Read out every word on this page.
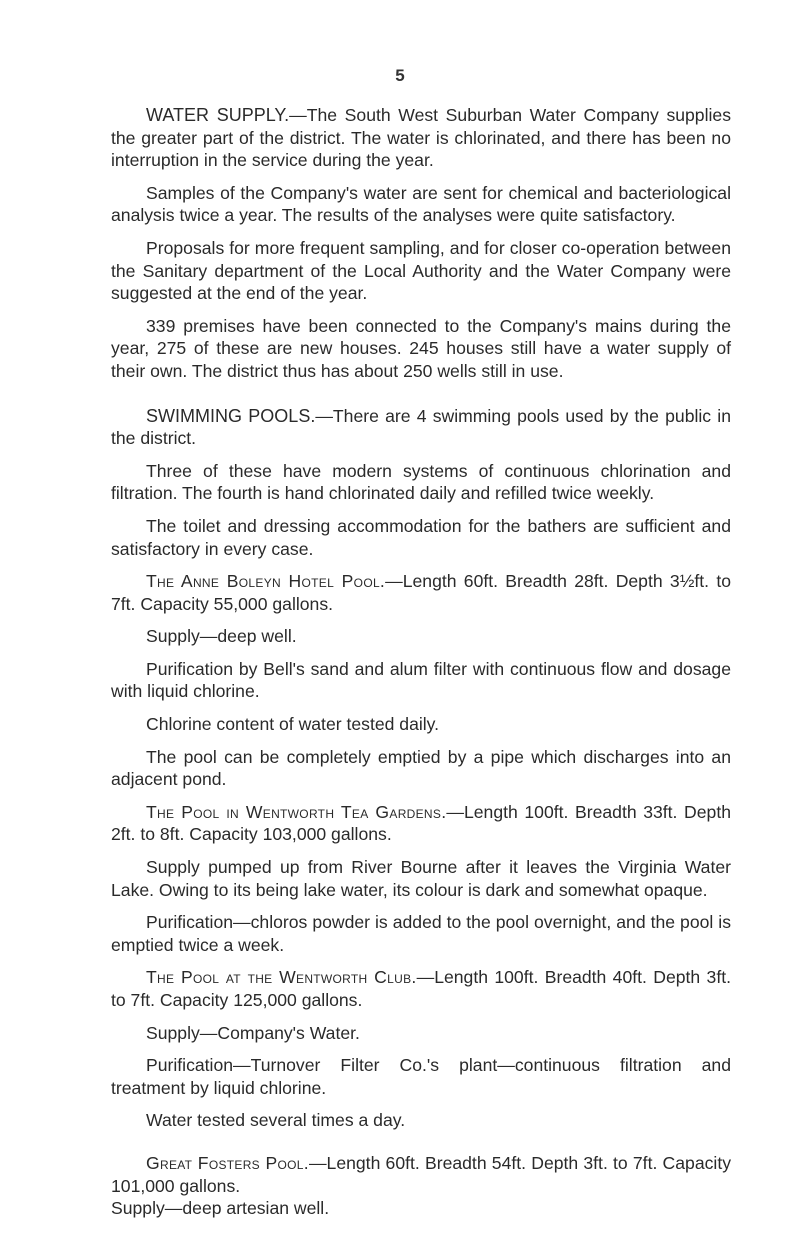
5

WATER SUPPLY.—The South West Suburban Water Company supplies the greater part of the district. The water is chlorinated, and there has been no interruption in the service during the year.

Samples of the Company's water are sent for chemical and bacteriological analysis twice a year. The results of the analyses were quite satisfactory.

Proposals for more frequent sampling, and for closer co-operation between the Sanitary department of the Local Authority and the Water Company were suggested at the end of the year.

339 premises have been connected to the Company's mains during the year, 275 of these are new houses. 245 houses still have a water supply of their own. The district thus has about 250 wells still in use.

SWIMMING POOLS.—There are 4 swimming pools used by the public in the district.

Three of these have modern systems of continuous chlorination and filtration. The fourth is hand chlorinated daily and refilled twice weekly.

The toilet and dressing accommodation for the bathers are sufficient and satisfactory in every case.

The Anne Boleyn Hotel Pool.—Length 60ft. Breadth 28ft. Depth 3½ft. to 7ft. Capacity 55,000 gallons.

Supply—deep well.

Purification by Bell's sand and alum filter with continuous flow and dosage with liquid chlorine.

Chlorine content of water tested daily.

The pool can be completely emptied by a pipe which discharges into an adjacent pond.

The Pool in Wentworth Tea Gardens.—Length 100ft. Breadth 33ft. Depth 2ft. to 8ft. Capacity 103,000 gallons.

Supply pumped up from River Bourne after it leaves the Virginia Water Lake. Owing to its being lake water, its colour is dark and somewhat opaque.

Purification—chloros powder is added to the pool overnight, and the pool is emptied twice a week.

The Pool at the Wentworth Club.—Length 100ft. Breadth 40ft. Depth 3ft. to 7ft. Capacity 125,000 gallons.

Supply—Company's Water.

Purification—Turnover Filter Co.'s plant—continuous filtration and treatment by liquid chlorine.

Water tested several times a day.

Great Fosters Pool.—Length 60ft. Breadth 54ft. Depth 3ft. to 7ft. Capacity 101,000 gallons.

Supply—deep artesian well.
